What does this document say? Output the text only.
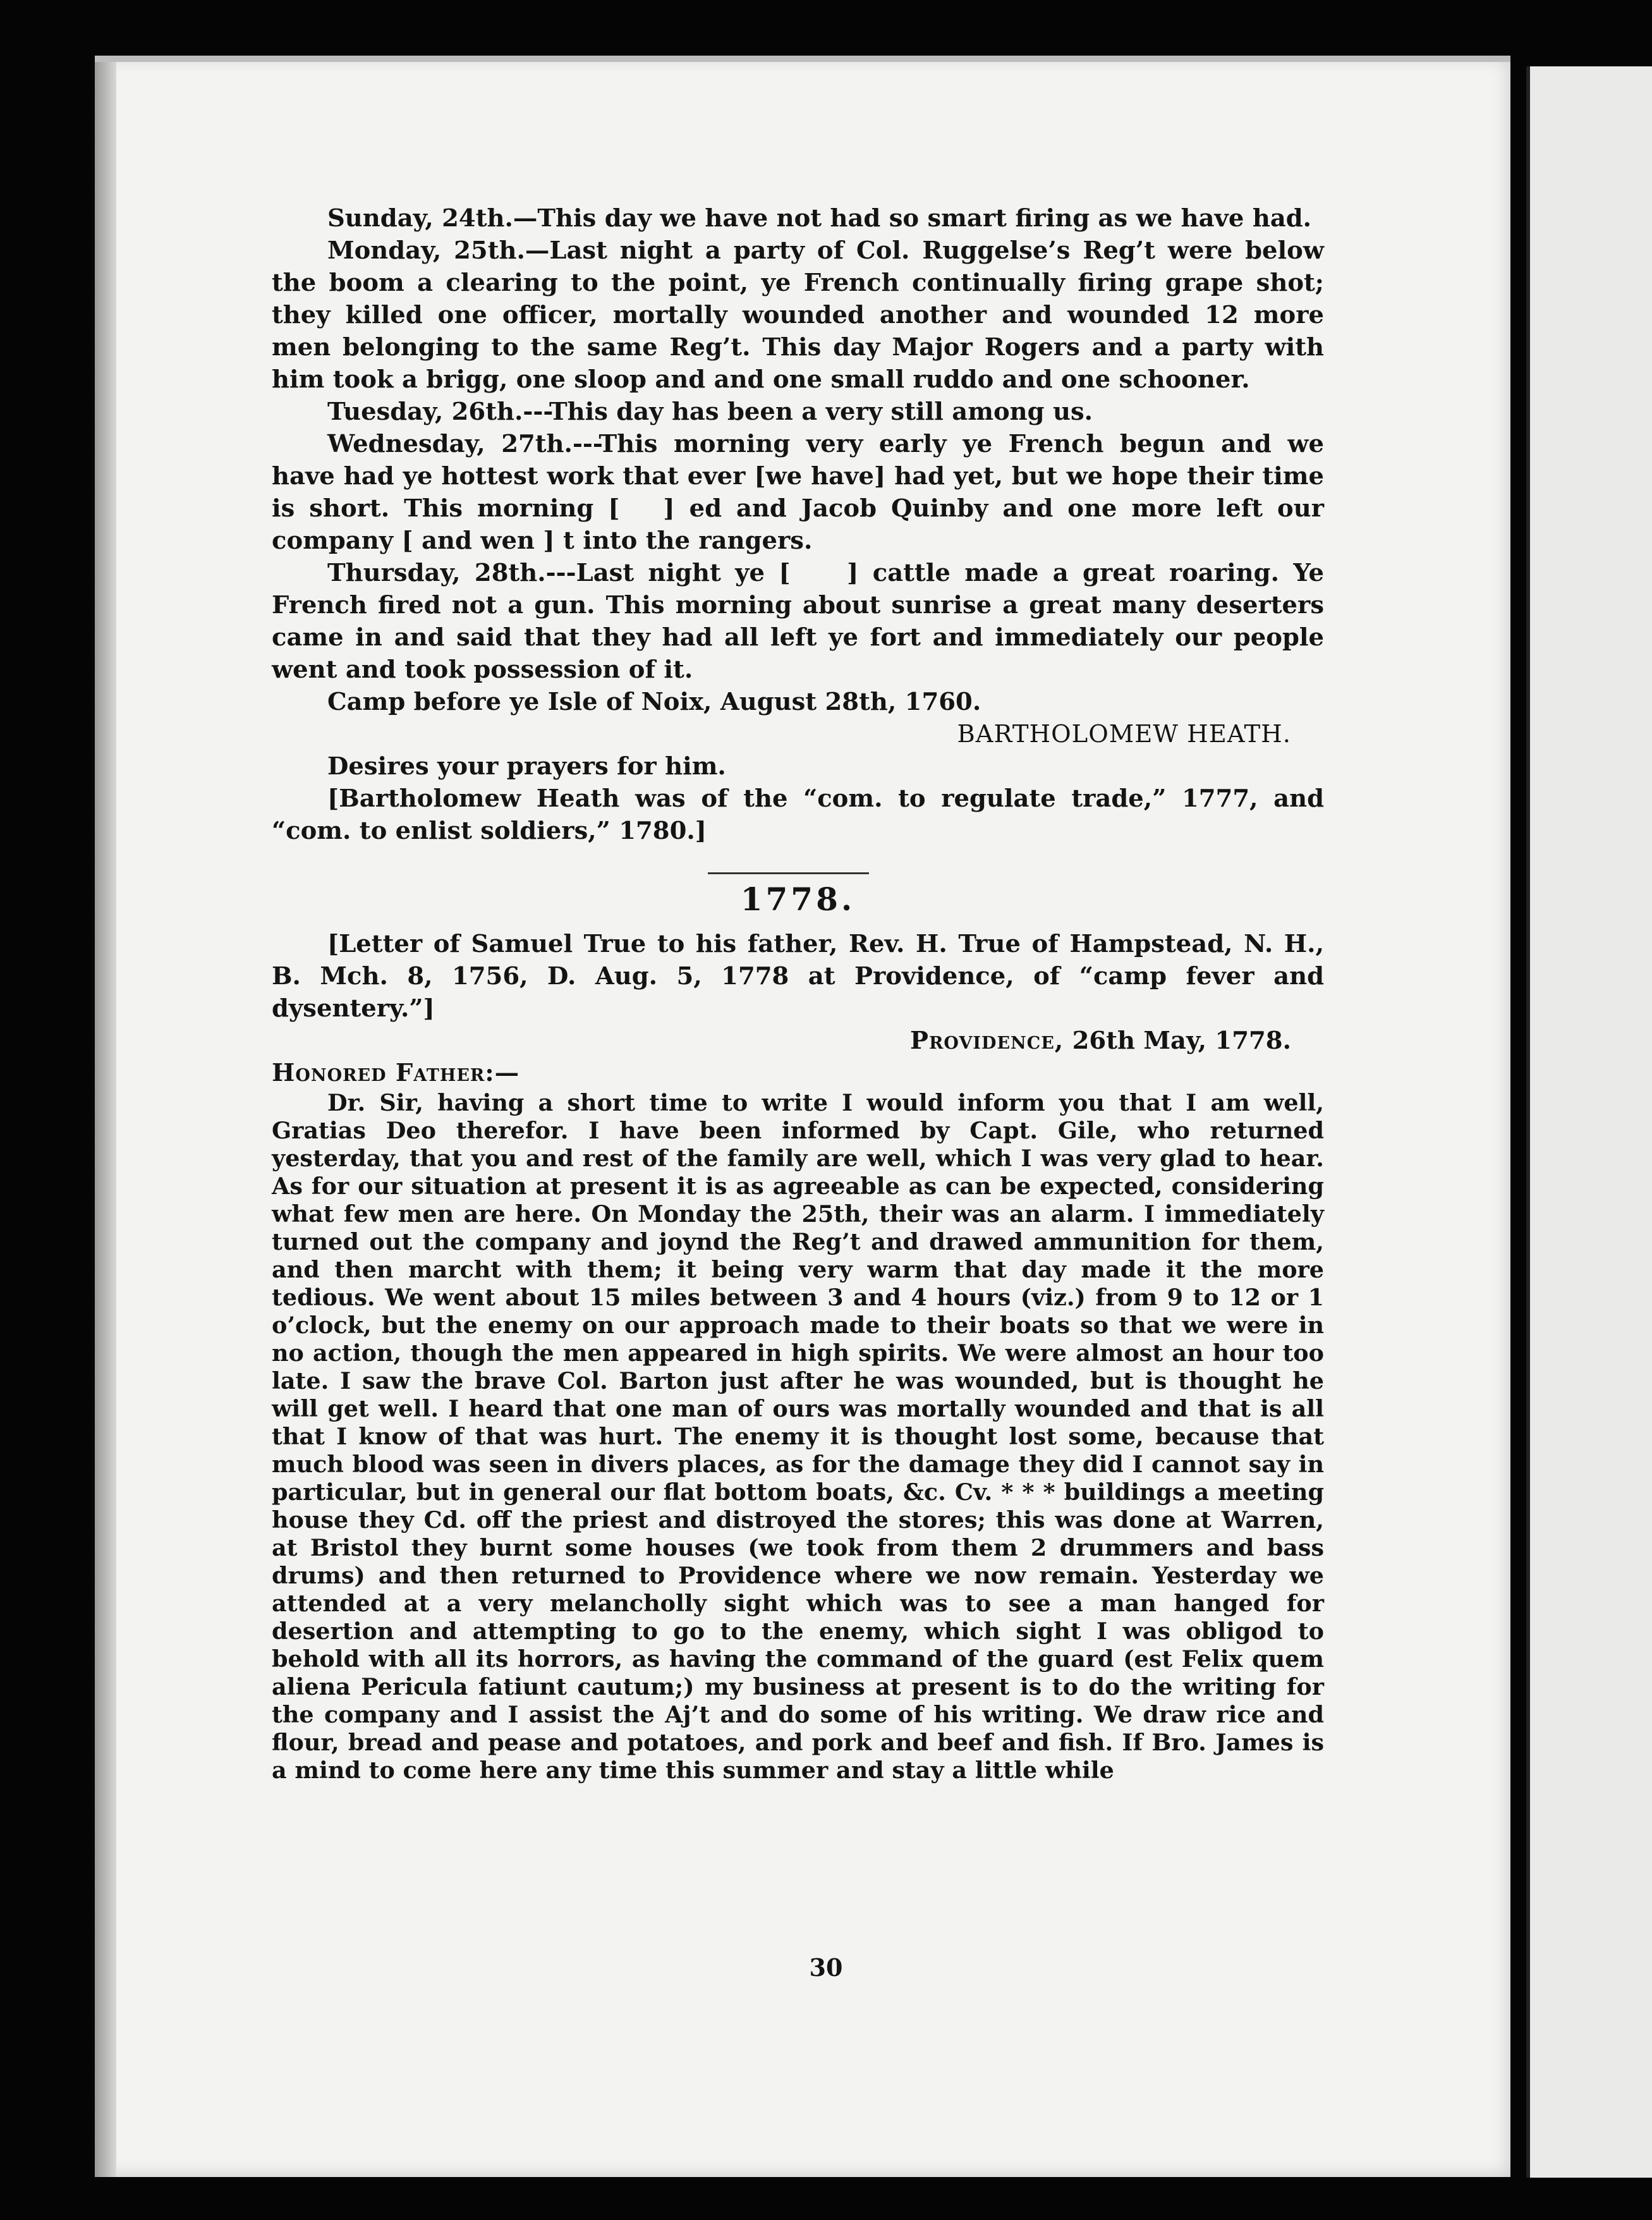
Sunday, 24th.—This day we have not had so smart firing as we have had.

Monday, 25th.—Last night a party of Col. Ruggelse’s Reg’t were below the boom a clearing to the point, ye French continually firing grape shot; they killed one officer, mortally wounded another and wounded 12 more men belonging to the same Reg’t. This day Major Rogers and a party with him took a brigg, one sloop and and one small ruddo and one schooner.

Tuesday, 26th.---This day has been a very still among us.

Wednesday, 27th.---This morning very early ye French begun and we have had ye hottest work that ever [we have] had yet, but we hope their time is short. This morning [   ] ed and Jacob Quinby and one more left our company [ and wen ] t into the rangers.

Thursday, 28th.---Last night ye [    ] cattle made a great roaring. Ye French fired not a gun. This morning about sunrise a great many deserters came in and said that they had all left ye fort and immediately our people went and took possession of it.

Camp before ye Isle of Noix, August 28th, 1760.

BARTHOLOMEW HEATH.

Desires your prayers for him.

[Bartholomew Heath was of the “com. to regulate trade,” 1777, and “com. to enlist soldiers,” 1780.]

1778.

[Letter of Samuel True to his father, Rev. H. True of Hampstead, N. H., B. Mch. 8, 1756, D. Aug. 5, 1778 at Providence, of “camp fever and dysentery.”]

Providence, 26th May, 1778.

Honored Father:—

Dr. Sir, having a short time to write I would inform you that I am well, Gratias Deo therefor. I have been informed by Capt. Gile, who returned yesterday, that you and rest of the family are well, which I was very glad to hear. As for our situation at present it is as agreeable as can be expected, considering what few men are here. On Monday the 25th, their was an alarm. I immediately turned out the company and joynd the Reg’t and drawed ammunition for them, and then marcht with them; it being very warm that day made it the more tedious. We went about 15 miles between 3 and 4 hours (viz.) from 9 to 12 or 1 o’clock, but the enemy on our approach made to their boats so that we were in no action, though the men appeared in high spirits. We were almost an hour too late. I saw the brave Col. Barton just after he was wounded, but is thought he will get well. I heard that one man of ours was mortally wounded and that is all that I know of that was hurt. The enemy it is thought lost some, because that much blood was seen in divers places, as for the damage they did I cannot say in particular, but in general our flat bottom boats, &c. Cv. * * * buildings a meeting house they Cd. off the priest and distroyed the stores; this was done at Warren, at Bristol they burnt some houses (we took from them 2 drummers and bass drums) and then returned to Providence where we now remain. Yesterday we attended at a very melancholly sight which was to see a man hanged for desertion and attempting to go to the enemy, which sight I was obligod to behold with all its horrors, as having the command of the guard (est Felix quem aliena Pericula fatiunt cautum;) my business at present is to do the writing for the company and I assist the Aj’t and do some of his writing. We draw rice and flour, bread and pease and potatoes, and pork and beef and fish. If Bro. James is a mind to come here any time this summer and stay a little while

30
